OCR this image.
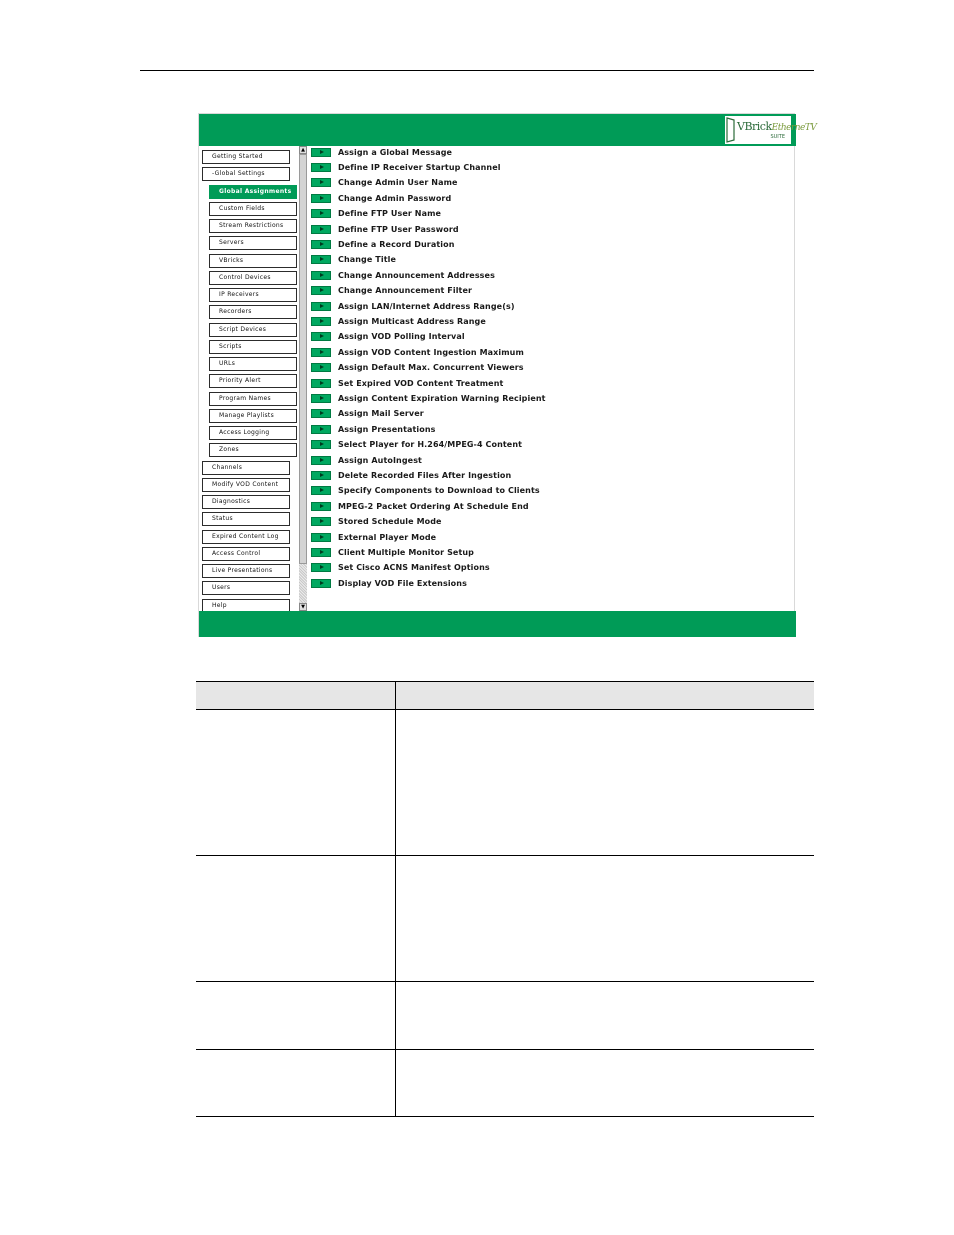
VBrickEtherneTV
SUITE
Getting Started
-Global Settings
Global Assignments
Custom Fields
Stream Restrictions
Servers
VBricks
Control Devices
IP Receivers
Recorders
Script Devices
Scripts
URLs
Priority Alert
Program Names
Manage Playlists
Access Logging
Zones
Channels
Modify VOD Content
Diagnostics
Status
Expired Content Log
Access Control
Live Presentations
Users
Help
▲
▼
Assign a Global Message
Define IP Receiver Startup Channel
Change Admin User Name
Change Admin Password
Define FTP User Name
Define FTP User Password
Define a Record Duration
Change Title
Change Announcement Addresses
Change Announcement Filter
Assign LAN/Internet Address Range(s)
Assign Multicast Address Range
Assign VOD Polling Interval
Assign VOD Content Ingestion Maximum
Assign Default Max. Concurrent Viewers
Set Expired VOD Content Treatment
Assign Content Expiration Warning Recipient
Assign Mail Server
Assign Presentations
Select Player for H.264/MPEG-4 Content
Assign AutoIngest
Delete Recorded Files After Ingestion
Specify Components to Download to Clients
MPEG-2 Packet Ordering At Schedule End
Stored Schedule Mode
External Player Mode
Client Multiple Monitor Setup
Set Cisco ACNS Manifest Options
Display VOD File Extensions
